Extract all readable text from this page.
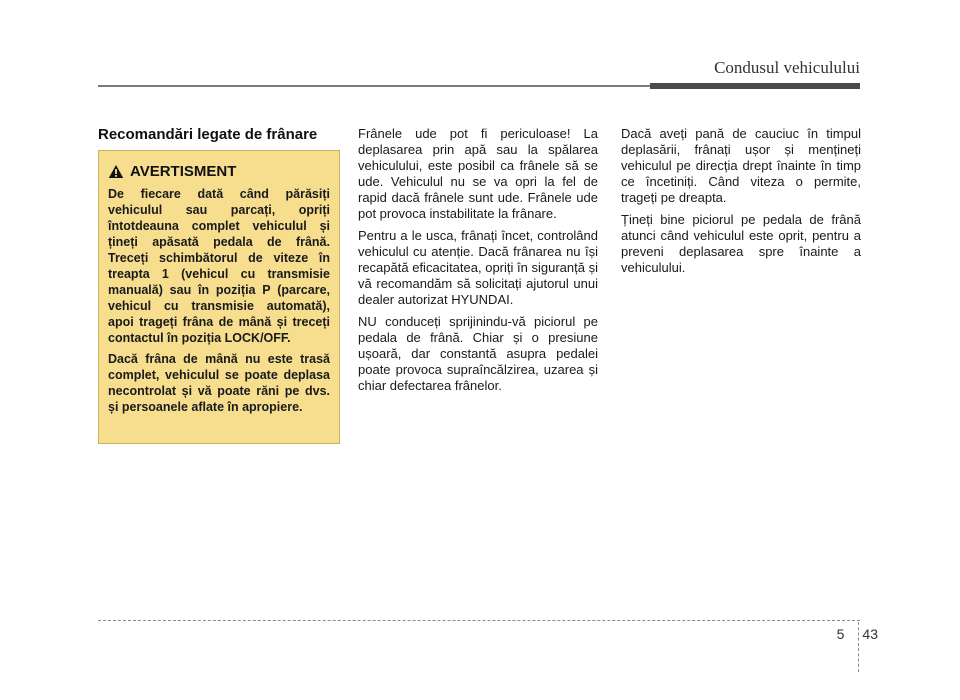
Condusul vehiculului
Recomandări legate de frânare
AVERTISMENT

De fiecare dată când părăsiți vehiculul sau parcați, opriți întotdeauna complet vehiculul și țineți apăsată pedala de frână. Treceți schimbătorul de viteze în treapta 1 (vehicul cu transmisie manuală) sau în poziția P (parcare, vehicul cu transmisie automată), apoi trageți frâna de mână și treceți contactul în poziția LOCK/OFF.

Dacă frâna de mână nu este trasă complet, vehiculul se poate deplasa necontrolat și vă poate răni pe dvs. și persoanele aflate în apropiere.

Frânele ude pot fi periculoase! La deplasarea prin apă sau la spălarea vehiculului, este posibil ca frânele să se ude. Vehiculul nu se va opri la fel de rapid dacă frânele sunt ude. Frânele ude pot provoca instabilitate la frânare.

Pentru a le usca, frânați încet, controlând vehiculul cu atenție. Dacă frânarea nu își recapătă eficacitatea, opriți în siguranță și vă recomandăm să solicitați ajutorul unui dealer autorizat HYUNDAI.

NU conduceți sprijinindu-vă piciorul pe pedala de frână. Chiar și o presiune ușoară, dar constantă asupra pedalei poate provoca supraîncălzirea, uzarea și chiar defectarea frânelor.

Dacă aveți pană de cauciuc în timpul deplasării, frânați ușor și mențineți vehiculul pe direcția drept înainte în timp ce încetiniți. Când viteza o permite, trageți pe dreapta.

Țineți bine piciorul pe pedala de frână atunci când vehiculul este oprit, pentru a preveni deplasarea spre înainte a vehiculului.

5 43
